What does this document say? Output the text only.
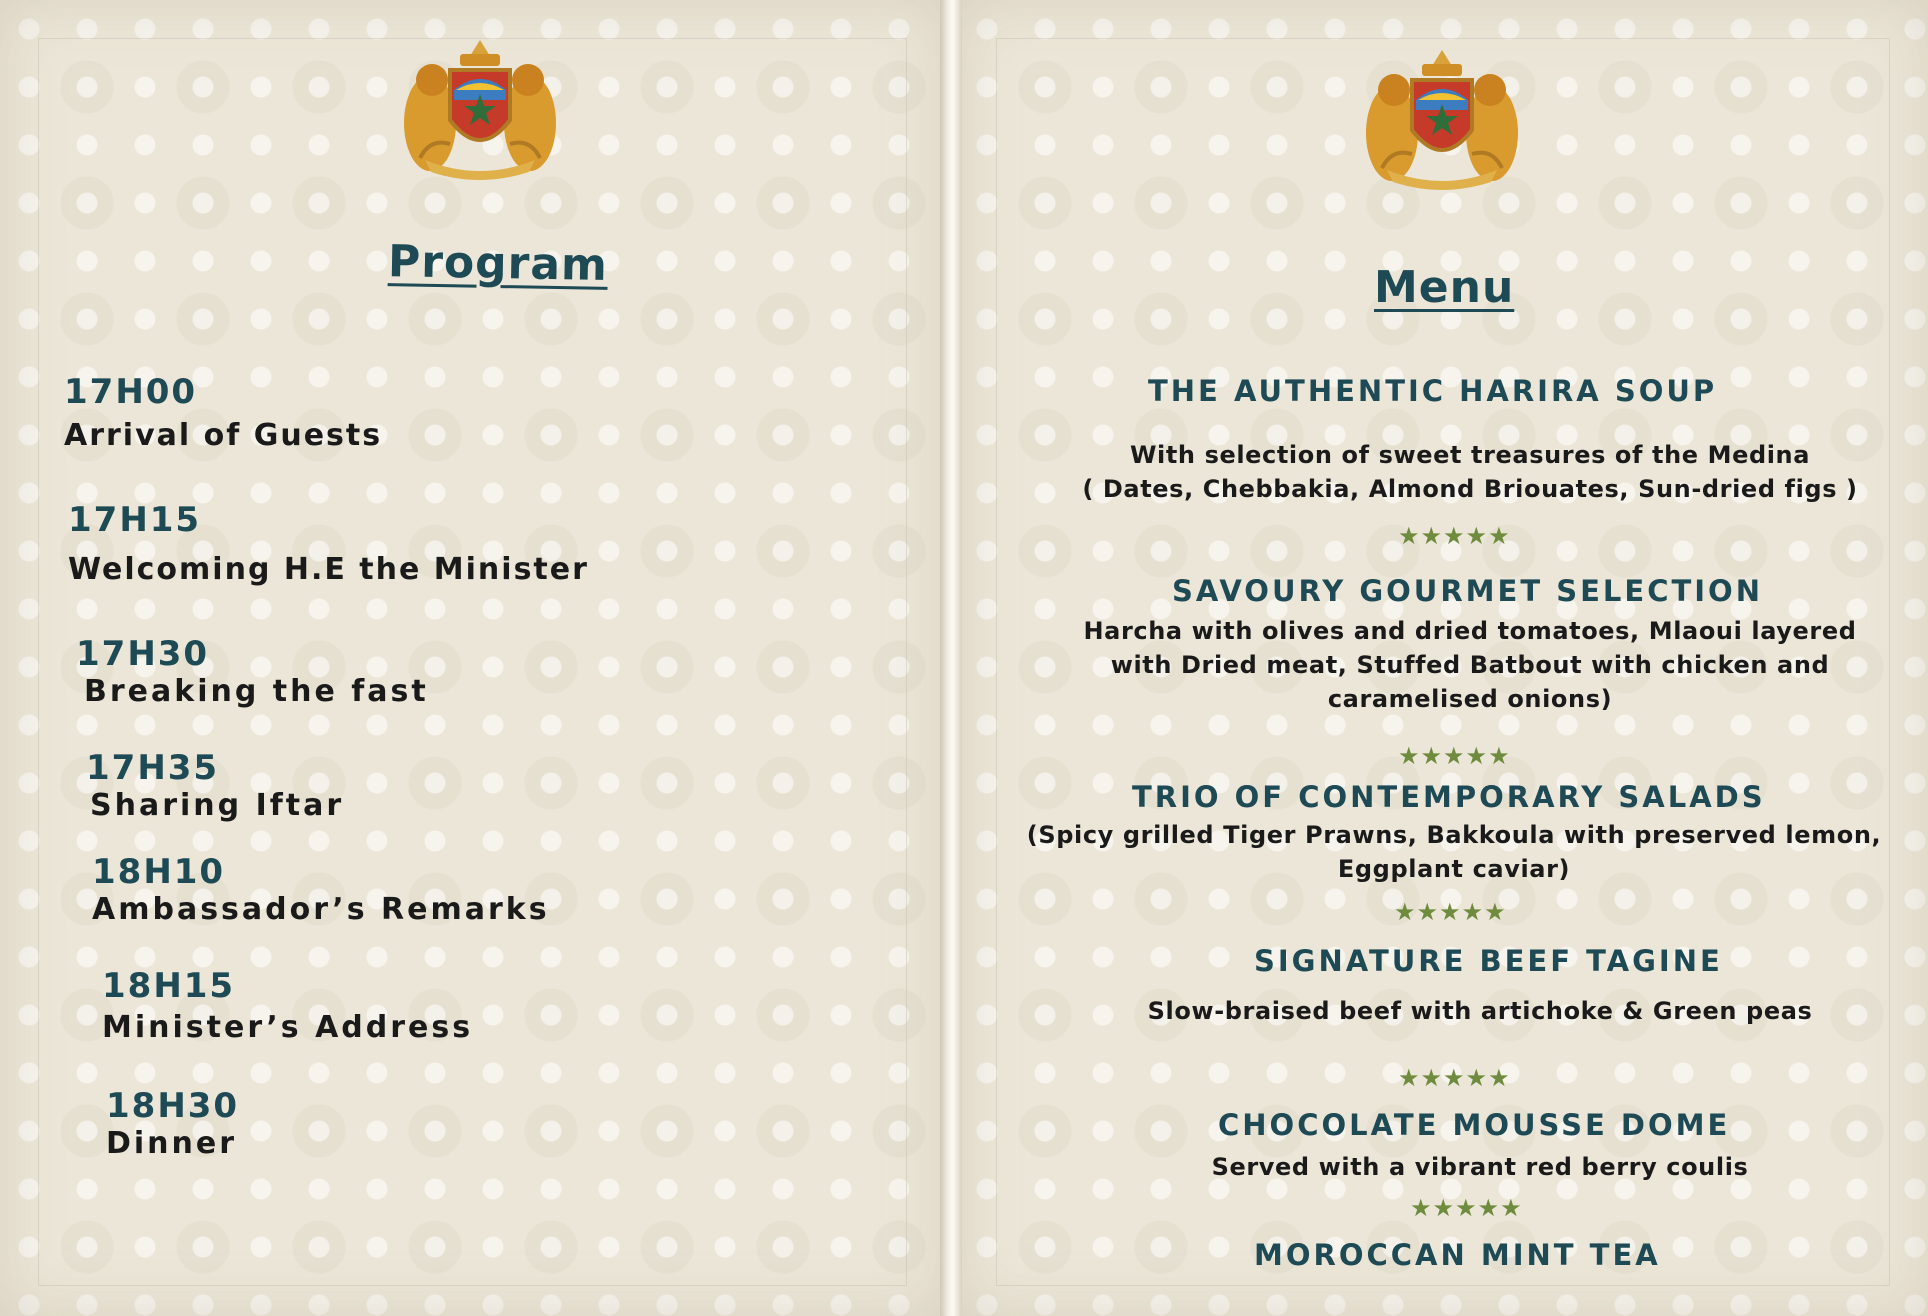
Program
17H00
Arrival of Guests
17H15
Welcoming H.E the Minister
17H30
Breaking the fast
17H35
Sharing Iftar
18H10
Ambassador’s Remarks
18H15
Minister’s Address
18H30
Dinner
Menu
THE AUTHENTIC HARIRA SOUP
With selection of sweet treasures of the Medina
( Dates, Chebbakia, Almond Briouates, Sun-dried figs )
★★★★★
SAVOURY GOURMET SELECTION
Harcha with olives and dried tomatoes, Mlaoui layered
with Dried meat, Stuffed Batbout with chicken and
caramelised onions)
★★★★★
TRIO OF CONTEMPORARY SALADS
(Spicy grilled Tiger Prawns, Bakkoula with preserved lemon,
Eggplant caviar)
★★★★★
SIGNATURE BEEF TAGINE
Slow-braised beef with artichoke & Green peas
★★★★★
CHOCOLATE MOUSSE DOME
Served with a vibrant red berry coulis
★★★★★
MOROCCAN MINT TEA
